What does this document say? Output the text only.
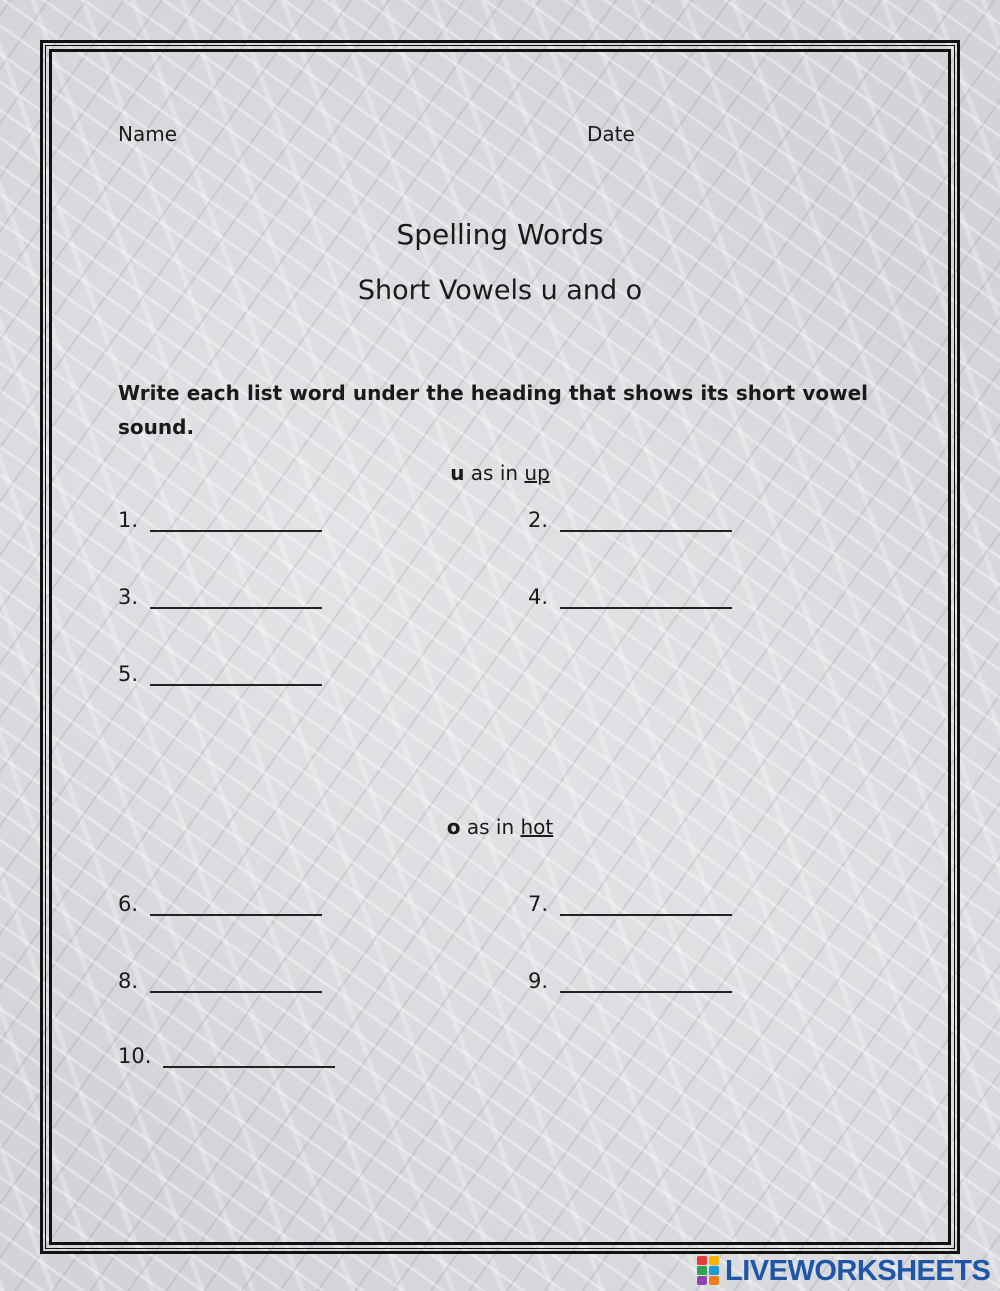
Name	Date
Spelling Words
Short Vowels u and o
Write each list word under the heading that shows its short vowel sound.
u as in up
1.	2.
3.	4.
5.
o as in hot
6.	7.
8.	9.
10.
LIVEWORKSHEETS
